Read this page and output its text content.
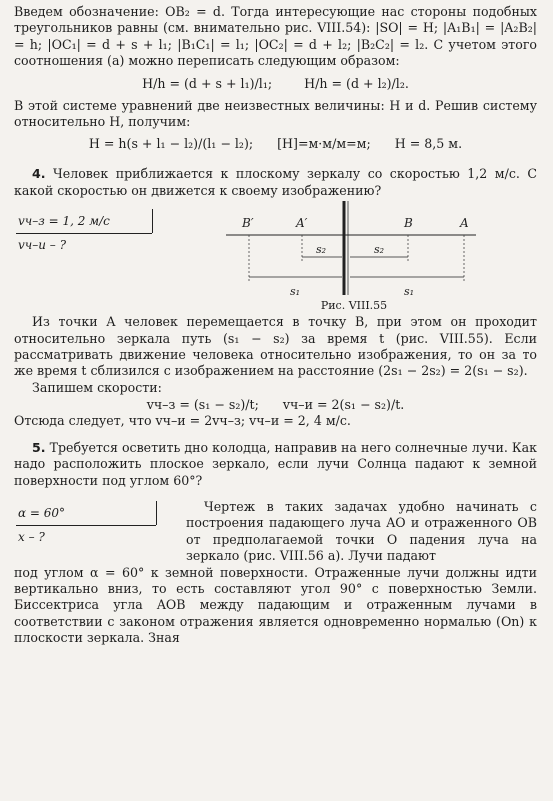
Введем обозначение: OB₂ = d. Тогда интересующие нас стороны подобных треугольников равны (см. внимательно рис. VIII.54): |SO| = H; |A₁B₁| = |A₂B₂| = h; |OC₁| = d + s + l₁; |B₁C₁| = l₁; |OC₂| = d + l₂; |B₂C₂| = l₂. С учетом этого соотношения (а) можно переписать следующим образом:

H/h = (d + s + l₁)/l₁;        H/h = (d + l₂)/l₂.

В этой системе уравнений две неизвестных величины: H и d. Решив систему относительно H, получим:

H = h(s + l₁ − l₂)/(l₁ − l₂);      [H]=м·м/м=м;      H = 8,5 м.

4. Человек приближается к плоскому зеркалу со скоростью 1,2 м/с. С какой скоростью он движется к своему изображению?

vч–з = 1, 2 м/с
vч–и – ?
B′	A′	B	A
s₂	s₂
s₁	s₁

Рис. VIII.55

Из точки A человек перемещается в точку B, при этом он проходит относительно зеркала путь (s₁ − s₂) за время t (рис. VIII.55). Если рассматривать движение человека относительно изображения, то он за то же время t сблизился с изображением на расстояние (2s₁ − 2s₂) = 2(s₁ − s₂).

Запишем скорости:

vч–з = (s₁ − s₂)/t;      vч–и = 2(s₁ − s₂)/t.

Отсюда следует, что vч–и = 2vч–з; vч–и = 2, 4 м/с.

5. Требуется осветить дно колодца, направив на него солнечные лучи. Как надо расположить плоское зеркало, если лучи Солнца падают к земной поверхности под углом 60°?

α = 60°
x – ?

Чертеж в таких задачах удобно начинать с построения падающего луча AO и отраженного OB от предполагаемой точки O падения луча на зеркало (рис. VIII.56 a). Лучи падают

под углом α = 60° к земной поверхности. Отраженные лучи должны идти вертикально вниз, то есть составляют угол 90° с поверхностью Земли. Биссектриса угла AOB между падающим и отраженным лучами в соответствии с законом отражения является одновременно нормалью (On) к плоскости зеркала. Зная
